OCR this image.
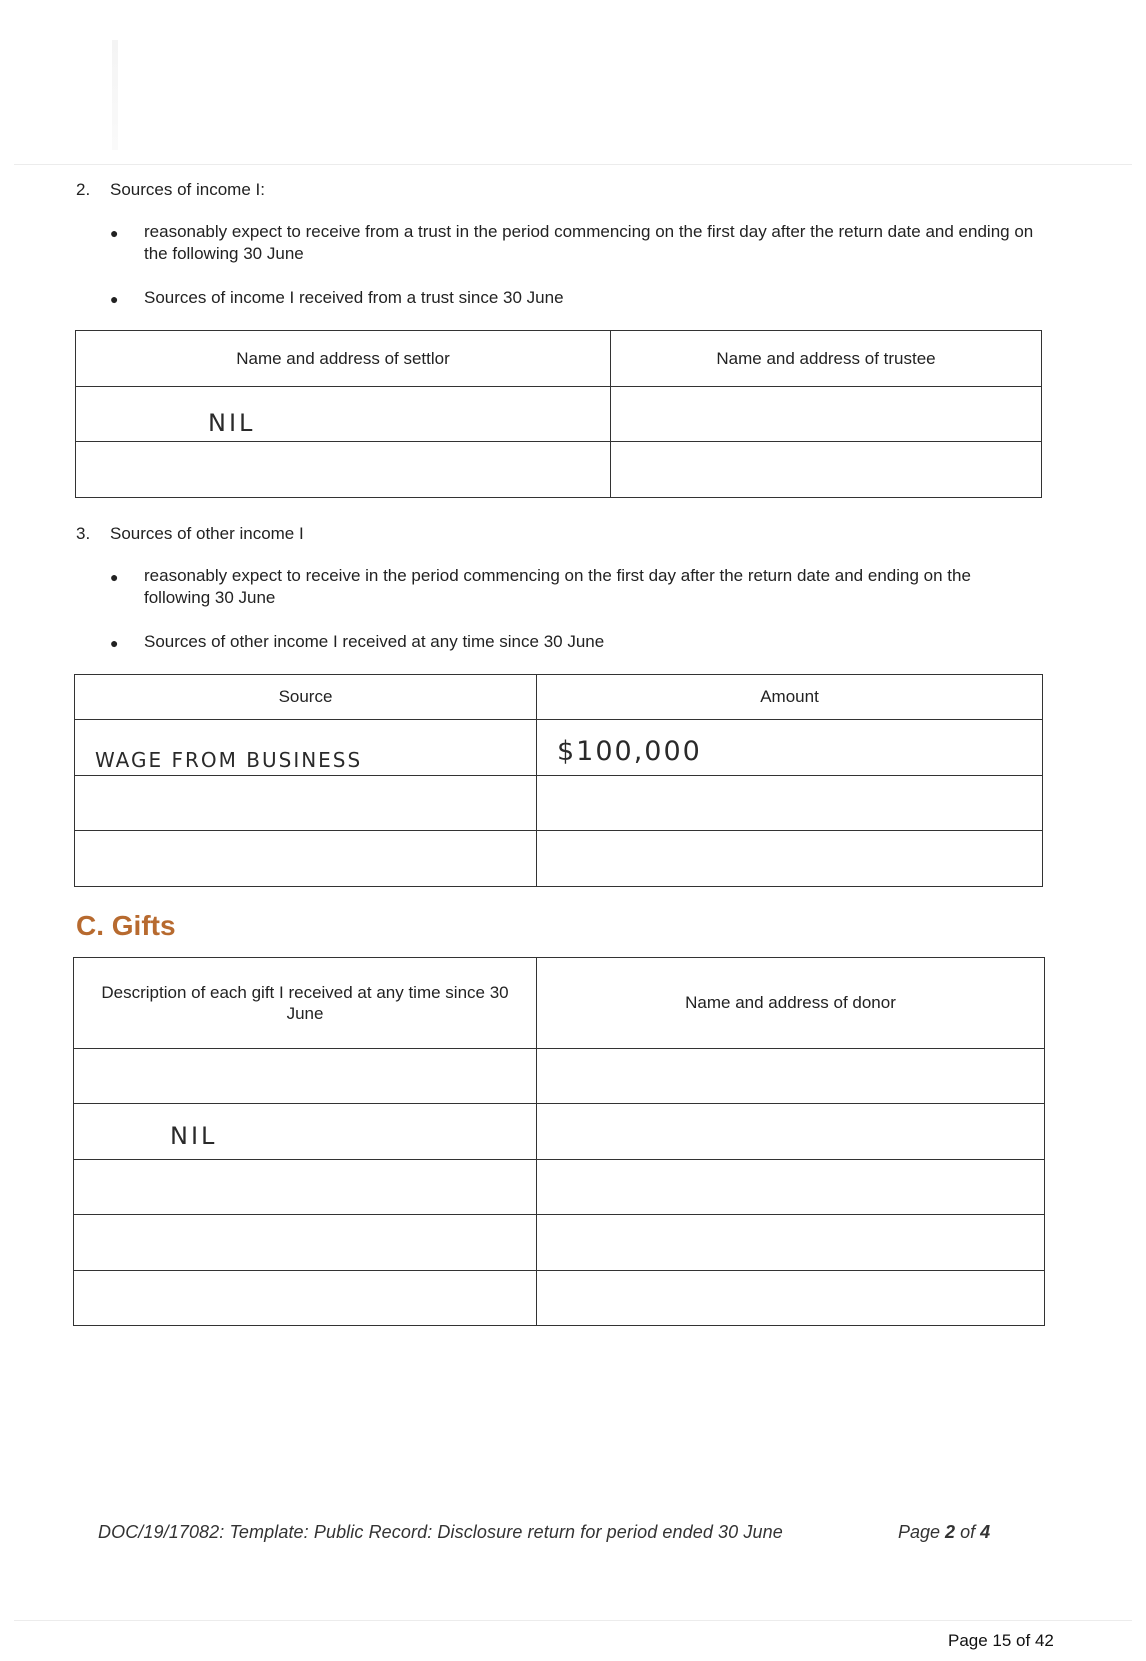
2. Sources of income I:
●	reasonably expect to receive from a trust in the period commencing on the first day after the return date and ending on the following 30 June
●	Sources of income I received from a trust since 30 June
Name and address of settlor	Name and address of trustee

NIL	

3. Sources of other income I
●	reasonably expect to receive in the period commencing on the first day after the return date and ending on the following 30 June
●	Sources of other income I received at any time since 30 June
Source	Amount

WAGE FROM BUSINESS	$100,000

C. Gifts
Description of each gift I received at any time since 30 June	Name and address of donor

NIL	

DOC/19/17082: Template: Public Record: Disclosure return for period ended 30 June	Page 2 of 4
Page 15 of 42
